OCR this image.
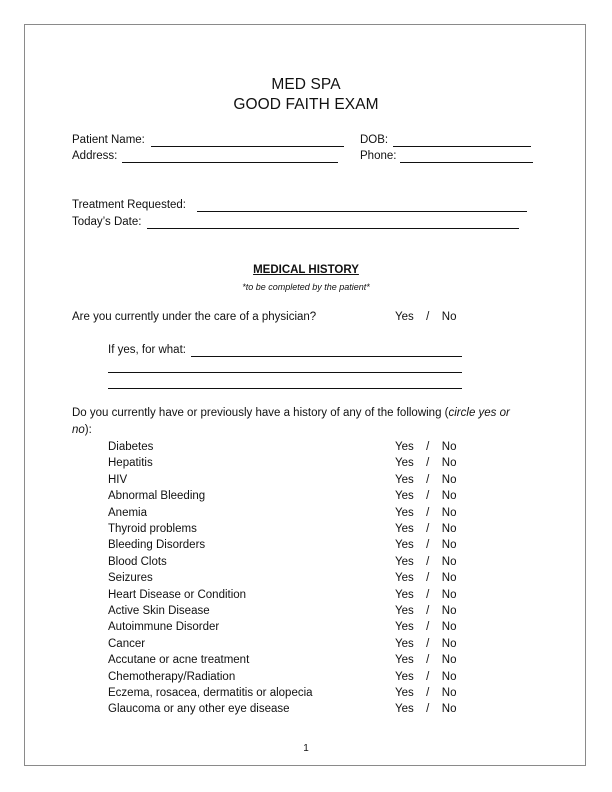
MED SPA
GOOD FAITH EXAM
Patient Name:	DOB:
Address:	Phone:
Treatment Requested:
Today’s Date:
MEDICAL HISTORY
*to be completed by the patient*
Are you currently under the care of a physician?	Yes / No
If yes, for what:
Do you currently have or previously have a history of any of the following (circle yes or
no):
Diabetes	Yes / No
Hepatitis	Yes / No
HIV	Yes / No
Abnormal Bleeding	Yes / No
Anemia	Yes / No
Thyroid problems	Yes / No
Bleeding Disorders	Yes / No
Blood Clots	Yes / No
Seizures	Yes / No
Heart Disease or Condition	Yes / No
Active Skin Disease	Yes / No
Autoimmune Disorder	Yes / No
Cancer	Yes / No
Accutane or acne treatment	Yes / No
Chemotherapy/Radiation	Yes / No
Eczema, rosacea, dermatitis or alopecia	Yes / No
Glaucoma or any other eye disease	Yes / No
1
